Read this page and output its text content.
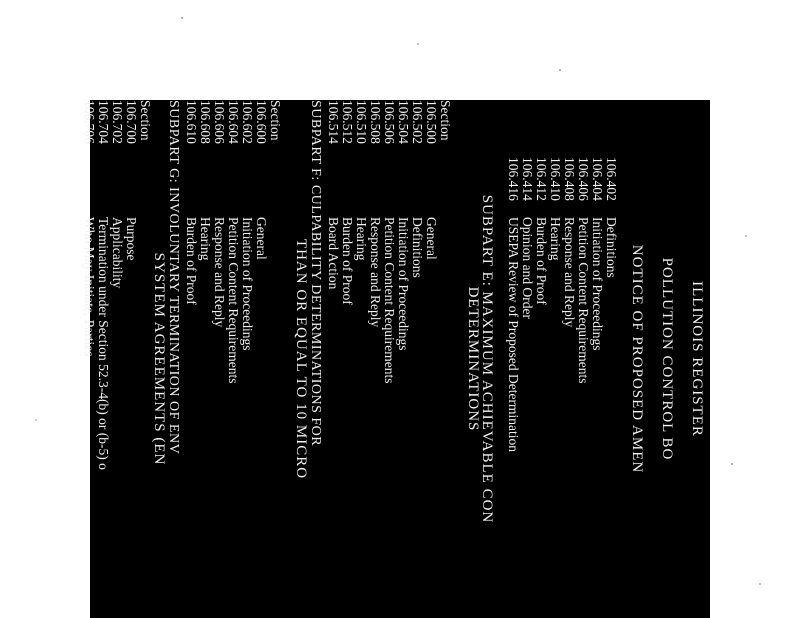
ILLINOIS REGISTER
POLLUTION CONTROL BO
NOTICE OF PROPOSED AMEN
106.402
Definitions
106.404
Initiation of Proceedings
106.406
Petition Content Requirements
106.408
Response and Reply
106.410
Hearing
106.412
Burden of Proof
106.414
Opinion and Order
106.416
USEPA Review of Proposed Determination
SUBPART E: MAXIMUM ACHIEVABLE CON
DETERMINATIONS
Section
106.500
General
106.502
Definitions
106.504
Initiation of Proceedings
106.506
Petition Content Requirements
106.508
Response and Reply
106.510
Hearing
106.512
Burden of Proof
106.514
Board Action
SUBPART F: CULPABILITY DETERMINATIONS FOR
THAN OR EQUAL TO 10 MICRO
Section
106.600
General
106.602
Initiation of Proceedings
106.604
Petition Content Requirements
106.606
Response and Reply
106.608
Hearing
106.610
Burden of Proof
SUBPART G: INVOLUNTARY TERMINATION OF ENV
SYSTEM AGREEMENTS (EN
Section
106.700
Purpose
106.702
Applicability
106.704
Termination under Section 52.3-4(b) or (b-5) o
106.706
Who May Initiate, Parties
